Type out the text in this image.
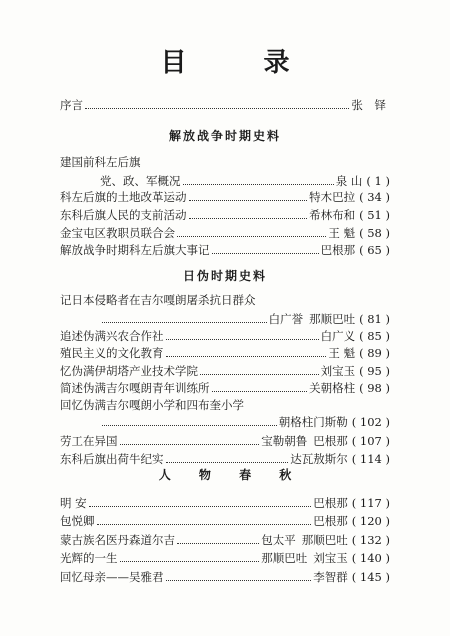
目 录
序言	张 铎
解放战争时期史料
建国前科左后旗
党、政、军概况	泉 山 ( 1 )
科左后旗的土地改革运动	特木巴拉 ( 34 )
东科后旗人民的支前活动	希林布和 ( 51 )
金宝屯区教职员联合会	王 魁 ( 58 )
解放战争时期科左后旗大事记	巴根那 ( 65 )
日伪时期史料
记日本侵略者在吉尔嘎朗屠杀抗日群众
白广誉 那顺巴吐 ( 81 )
追述伪满兴农合作社	白广义 ( 85 )
殖民主义的文化教育	王 魁 ( 89 )
忆伪满伊胡塔产业技术学院	刘宝玉 ( 95 )
简述伪满吉尔嘎朗青年训练所	关朝格柱 ( 98 )
回忆伪满吉尔嘎朗小学和四布奎小学
朝格柱门斯勒 ( 102 )
劳工在异国	宝勒朝鲁 巴根那 ( 107 )
东科后旗出荷牛纪实	达瓦敖斯尔 ( 114 )
人 物 春 秋
明 安	巴根那 ( 117 )
包悦卿	巴根那 ( 120 )
蒙古族名医丹森道尔吉	包太平 那顺巴吐 ( 132 )
光辉的一生	那顺巴吐 刘宝玉 ( 140 )
回忆母亲——吴雅君	李智群 ( 145 )
